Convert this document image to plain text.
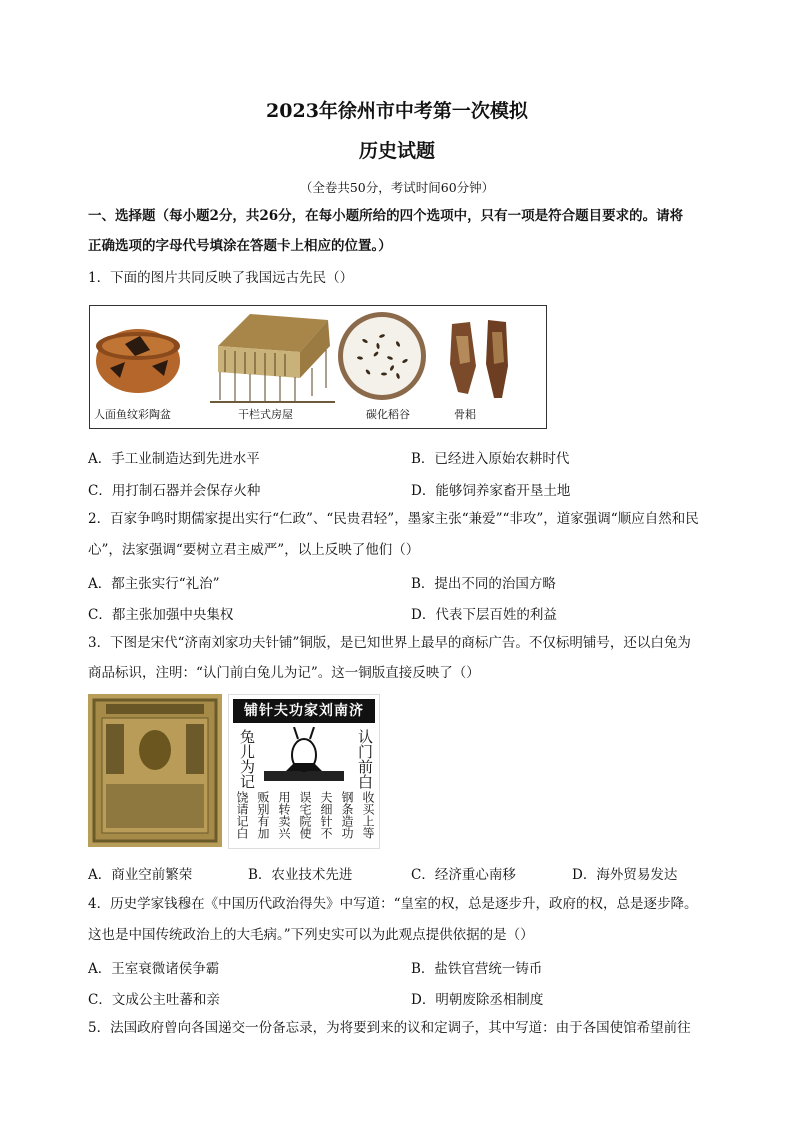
2023年徐州市中考第一次模拟
历史试题
（全卷共50分，考试时间60分钟）
一、选择题（每小题2分，共26分，在每小题所给的四个选项中，只有一项是符合题目要求的。请将
正确选项的字母代号填涂在答题卡上相应的位置。）
1．下面的图片共同反映了我国远古先民（）
人面鱼纹彩陶盆	干栏式房屋	碳化稻谷	骨耜
A．手工业制造达到先进水平	B．已经进入原始农耕时代
C．用打制石器并会保存火种	D．能够饲养家畜开垦土地
2．百家争鸣时期儒家提出实行“仁政”、“民贵君轻”，墨家主张“兼爱”“非攻”，道家强调“顺应自然和民
心”，法家强调“要树立君主威严”，以上反映了他们（）
A．都主张实行“礼治”	B．提出不同的治国方略
C．都主张加强中央集权	D．代表下层百姓的利益
3．下图是宋代“济南刘家功夫针铺”铜版，是已知世界上最早的商标广告。不仅标明铺号，还以白兔为
商品标识，注明：“认门前白兔儿为记”。这一铜版直接反映了（）
铺针夫功家刘南济
兔儿为记	认门前白
收买上等
钢条造功
夫细针不
误宅院使
用转卖兴
贩别有加
饶请记白
A．商业空前繁荣	B．农业技术先进	C．经济重心南移	D．海外贸易发达
4．历史学家钱穆在《中国历代政治得失》中写道：“皇室的权，总是逐步升，政府的权，总是逐步降。
这也是中国传统政治上的大毛病。”下列史实可以为此观点提供依据的是（）
A．王室衰微诸侯争霸	B．盐铁官营统一铸币
C．文成公主吐蕃和亲	D．明朝废除丞相制度
5．法国政府曾向各国递交一份备忘录，为将要到来的议和定调子，其中写道：由于各国使馆希望前往
